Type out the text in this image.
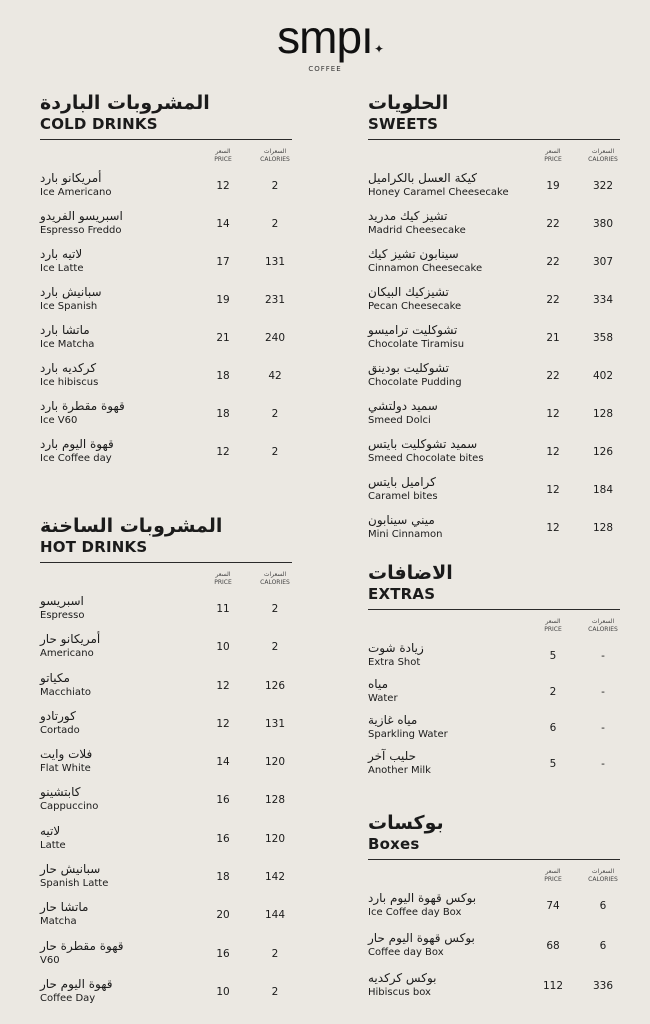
smpı ✦
COFFEE
المشروبات الباردة
COLD DRINKS
السعر
PRICE
السعرات
CALORIES
أمريكانو بارد
Ice Americano
12	2
اسبريسو الفريدو
Espresso Freddo
14	2
لاتيه بارد
Ice Latte
17	131
سبانيش بارد
Ice Spanish
19	231
ماتشا بارد
Ice Matcha
21	240
كركديه بارد
Ice hibiscus
18	42
قهوة مقطرة بارد
Ice V60
18	2
قهوة اليوم بارد
Ice Coffee day
12	2
المشروبات الساخنة
HOT DRINKS
السعر
PRICE
السعرات
CALORIES
اسبريسو
Espresso
11	2
أمريكانو حار
Americano
10	2
مكياتو
Macchiato
12	126
كورتادو
Cortado
12	131
فلات وايت
Flat White
14	120
كابتشينو
Cappuccino
16	128
لاتيه
Latte
16	120
سبانيش حار
Spanish Latte
18	142
ماتشا حار
Matcha
20	144
قهوة مقطرة حار
V60
16	2
قهوة اليوم حار
Coffee Day
10	2
الحلويات
SWEETS
السعر
PRICE
السعرات
CALORIES
كيكة العسل بالكراميل
Honey Caramel Cheesecake
19	322
تشيز كيك مدريد
Madrid Cheesecake
22	380
سينابون تشيز كيك
Cinnamon Cheesecake
22	307
تشيزكيك البيكان
Pecan Cheesecake
22	334
تشوكليت تراميسو
Chocolate Tiramisu
21	358
تشوكليت بودينق
Chocolate Pudding
22	402
سميد دولتشي
Smeed Dolci
12	128
سميد تشوكليت بايتس
Smeed Chocolate bites
12	126
كراميل بايتس
Caramel bites
12	184
ميني سينابون
Mini Cinnamon
12	128
الاضافات
EXTRAS
السعر
PRICE
السعرات
CALORIES
زيادة شوت
Extra Shot
5	-
مياه
Water
2	-
مياه غازية
Sparkling Water
6	-
حليب آخر
Another Milk
5	-
بوكسات
Boxes
السعر
PRICE
السعرات
CALORIES
بوكس قهوة اليوم بارد
Ice Coffee day Box
74	6
بوكس قهوة اليوم حار
Coffee day Box
68	6
بوكس كركديه
Hibiscus box
112	336
